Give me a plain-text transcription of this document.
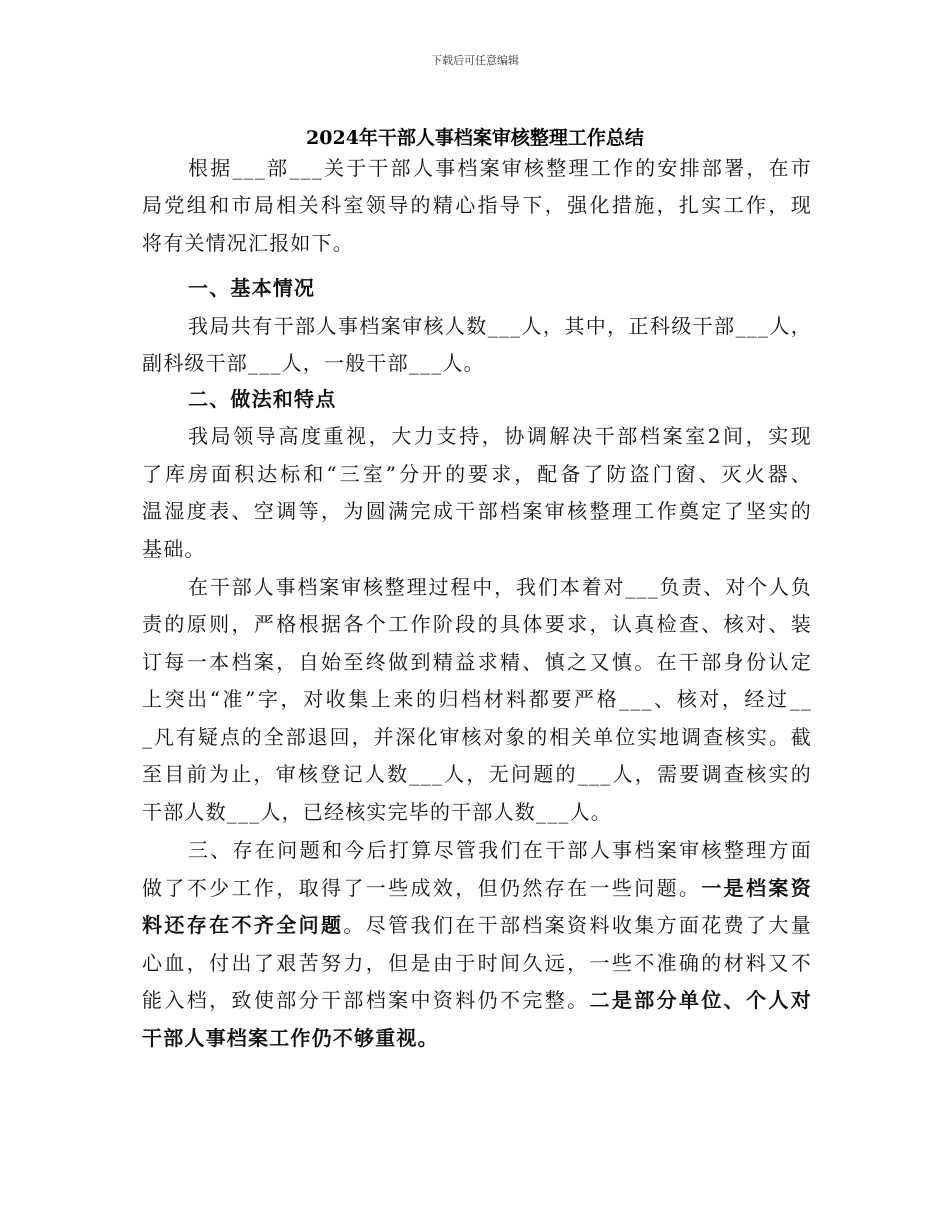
下载后可任意编辑
2024年干部人事档案审核整理工作总结
根据___部___关于干部人事档案审核整理工作的安排部署，在市
局党组和市局相关科室领导的精心指导下，强化措施，扎实工作，现
将有关情况汇报如下。
一、基本情况
我局共有干部人事档案审核人数___人，其中，正科级干部___人，
副科级干部___人，一般干部___人。
二、做法和特点
我局领导高度重视，大力支持，协调解决干部档案室2间，实现
了库房面积达标和“三室”分开的要求，配备了防盗门窗、灭火器、
温湿度表、空调等，为圆满完成干部档案审核整理工作奠定了坚实的
基础。
在干部人事档案审核整理过程中，我们本着对___负责、对个人负
责的原则，严格根据各个工作阶段的具体要求，认真检查、核对、装
订每一本档案，自始至终做到精益求精、慎之又慎。在干部身份认定
上突出“准”字，对收集上来的归档材料都要严格___、核对，经过__
_凡有疑点的全部退回，并深化审核对象的相关单位实地调查核实。截
至目前为止，审核登记人数___人，无问题的___人，需要调查核实的
干部人数___人，已经核实完毕的干部人数___人。
三、存在问题和今后打算尽管我们在干部人事档案审核整理方面
做了不少工作，取得了一些成效，但仍然存在一些问题。一是档案资
料还存在不齐全问题。尽管我们在干部档案资料收集方面花费了大量
心血，付出了艰苦努力，但是由于时间久远，一些不准确的材料又不
能入档，致使部分干部档案中资料仍不完整。二是部分单位、个人对
干部人事档案工作仍不够重视。
